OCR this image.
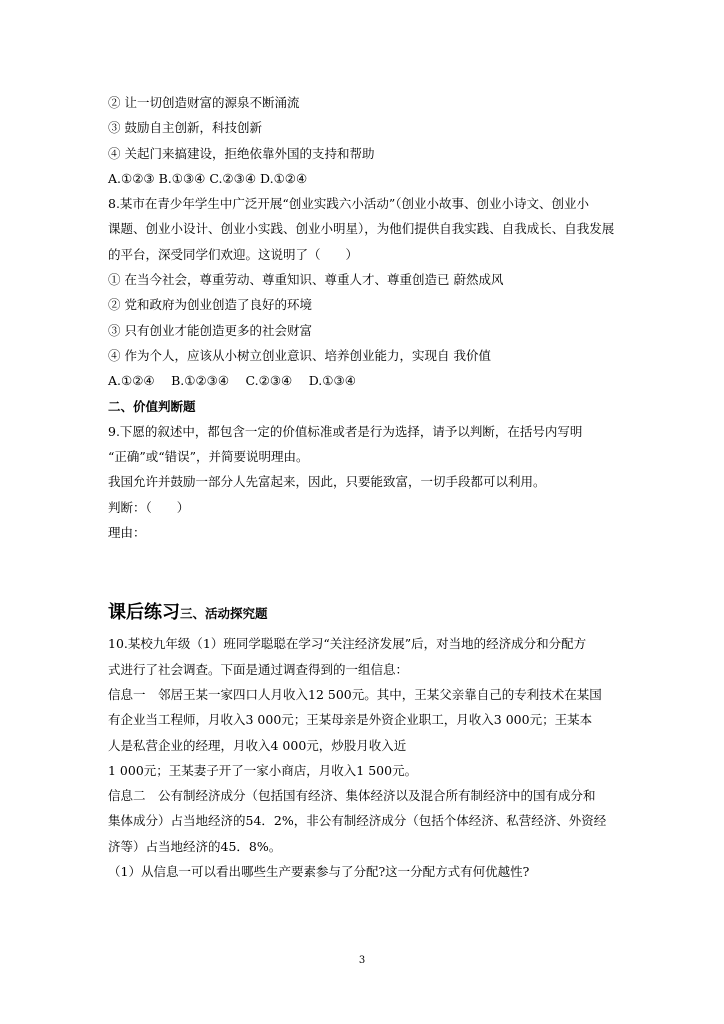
② 让一切创造财富的源泉不断涌流
③ 鼓励自主创新，科技创新
④ 关起门来搞建设，拒绝依靠外国的支持和帮助
A.①②③ B.①③④ C.②③④ D.①②④
8.某市在青少年学生中广泛开展“创业实践六小活动”（创业小故事、创业小诗文、创业小
课题、创业小设计、创业小实践、创业小明星），为他们提供自我实践、自我成长、自我发展
的平台，深受同学们欢迎。这说明了（　　）
① 在当今社会，尊重劳动、尊重知识、尊重人才、尊重创造已 蔚然成风
② 党和政府为创业创造了良好的环境
③ 只有创业才能创造更多的社会财富
④ 作为个人，应该从小树立创业意识、培养创业能力，实现自 我价值
A.①②④　 B.①②③④　 C.②③④　 D.①③④
二、价值判断题
9.下愿的叙述中，都包含一定的价值标准或者是行为选择，请予以判断，在括号内写明
“正确”或“错误”，并简要说明理由。
我国允许并鼓励一部分人先富起来，因此，只要能致富，一切手段都可以利用。
判断：（　　）
理由：
课后练习三、活动探究题
10.某校九年级（1）班同学聪聪在学习“关注经济发展”后，对当地的经济成分和分配方
式进行了社会调查。下面是通过调查得到的一组信息：
信息一　邻居王某一家四口人月收入12 500元。其中，王某父亲靠自己的专利技术在某国
有企业当工程师，月收入3 000元；王某母亲是外资企业职工，月收入3 000元；王某本
人是私营企业的经理，月收入4 000元，炒股月收入近
1 000元；王某妻子开了一家小商店，月收入1 500元。
信息二　公有制经济成分（包括国有经济、集体经济以及混合所有制经济中的国有成分和
集体成分）占当地经济的54．2%，非公有制经济成分（包括个体经济、私营经济、外资经
济等）占当地经济的45．8%。
（1）从信息一可以看出哪些生产要素参与了分配?这一分配方式有何优越性?
3
